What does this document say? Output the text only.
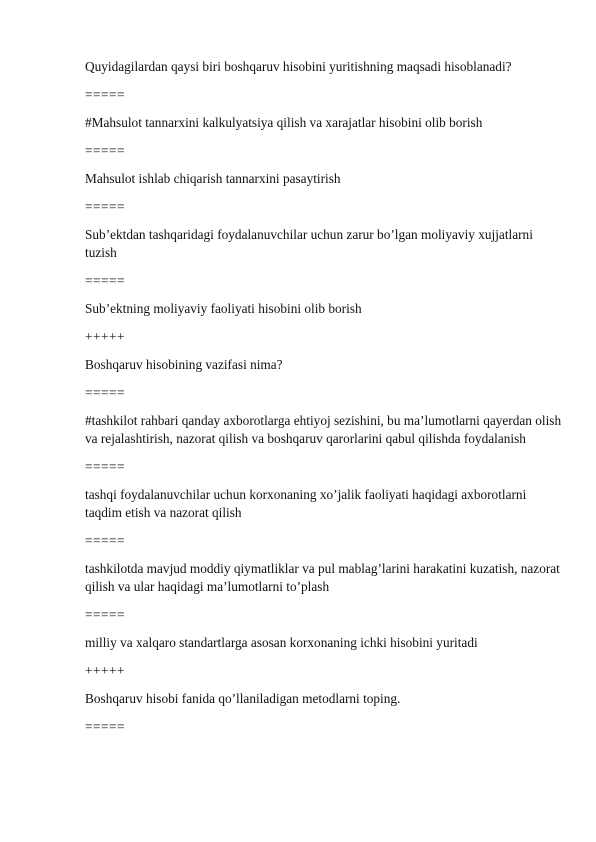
Quyidagilardan qaysi biri boshqaruv hisobini yuritishning maqsadi hisoblanadi?

=====

#Mahsulot tannarxini kalkulyatsiya qilish va xarajatlar hisobini olib borish

=====

Mahsulot ishlab chiqarish tannarxini pasaytirish

=====

Sub’ektdan tashqaridagi foydalanuvchilar uchun zarur bo’lgan moliyaviy xujjatlarni tuzish

=====

Sub’ektning moliyaviy faoliyati hisobini olib borish

+++++

Boshqaruv hisobining vazifasi nima?

=====

#tashkilot rahbari qanday axborotlarga ehtiyoj sezishini, bu ma’lumotlarni qayerdan olish va rejalashtirish, nazorat qilish va boshqaruv qarorlarini qabul qilishda foydalanish

=====

tashqi foydalanuvchilar uchun korxonaning xo’jalik faoliyati haqidagi axborotlarni taqdim etish va nazorat qilish

=====

tashkilotda mavjud moddiy qiymatliklar va pul mablag’larini harakatini kuzatish, nazorat qilish va ular haqidagi ma’lumotlarni to’plash

=====

milliy va xalqaro standartlarga asosan korxonaning ichki hisobini yuritadi

+++++

Boshqaruv hisobi fanida qo’llaniladigan metodlarni toping.

=====
